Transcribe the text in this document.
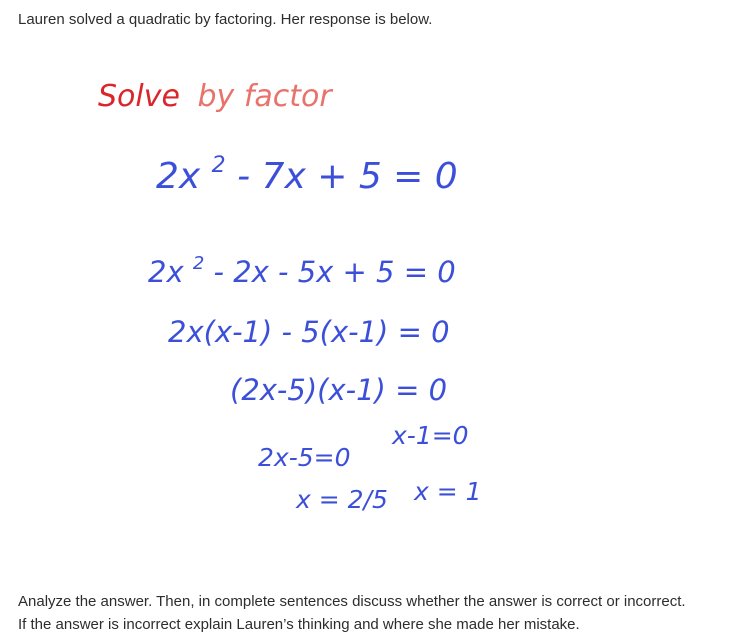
Lauren solved a quadratic by factoring. Her response is below.
Solve by factor
2x $^2$ - 7x + 5 = 0
2x $^2$ - 2x - 5x + 5 = 0
2x(x-1) - 5(x-1) = 0
(2x-5)(x-1) = 0
2x-5=0
x-1=0
x = 2/5 x = 1

Analyze the answer. Then, in complete sentences discuss whether the answer is correct or incorrect.

If the answer is incorrect explain Lauren’s thinking and where she made her mistake.
